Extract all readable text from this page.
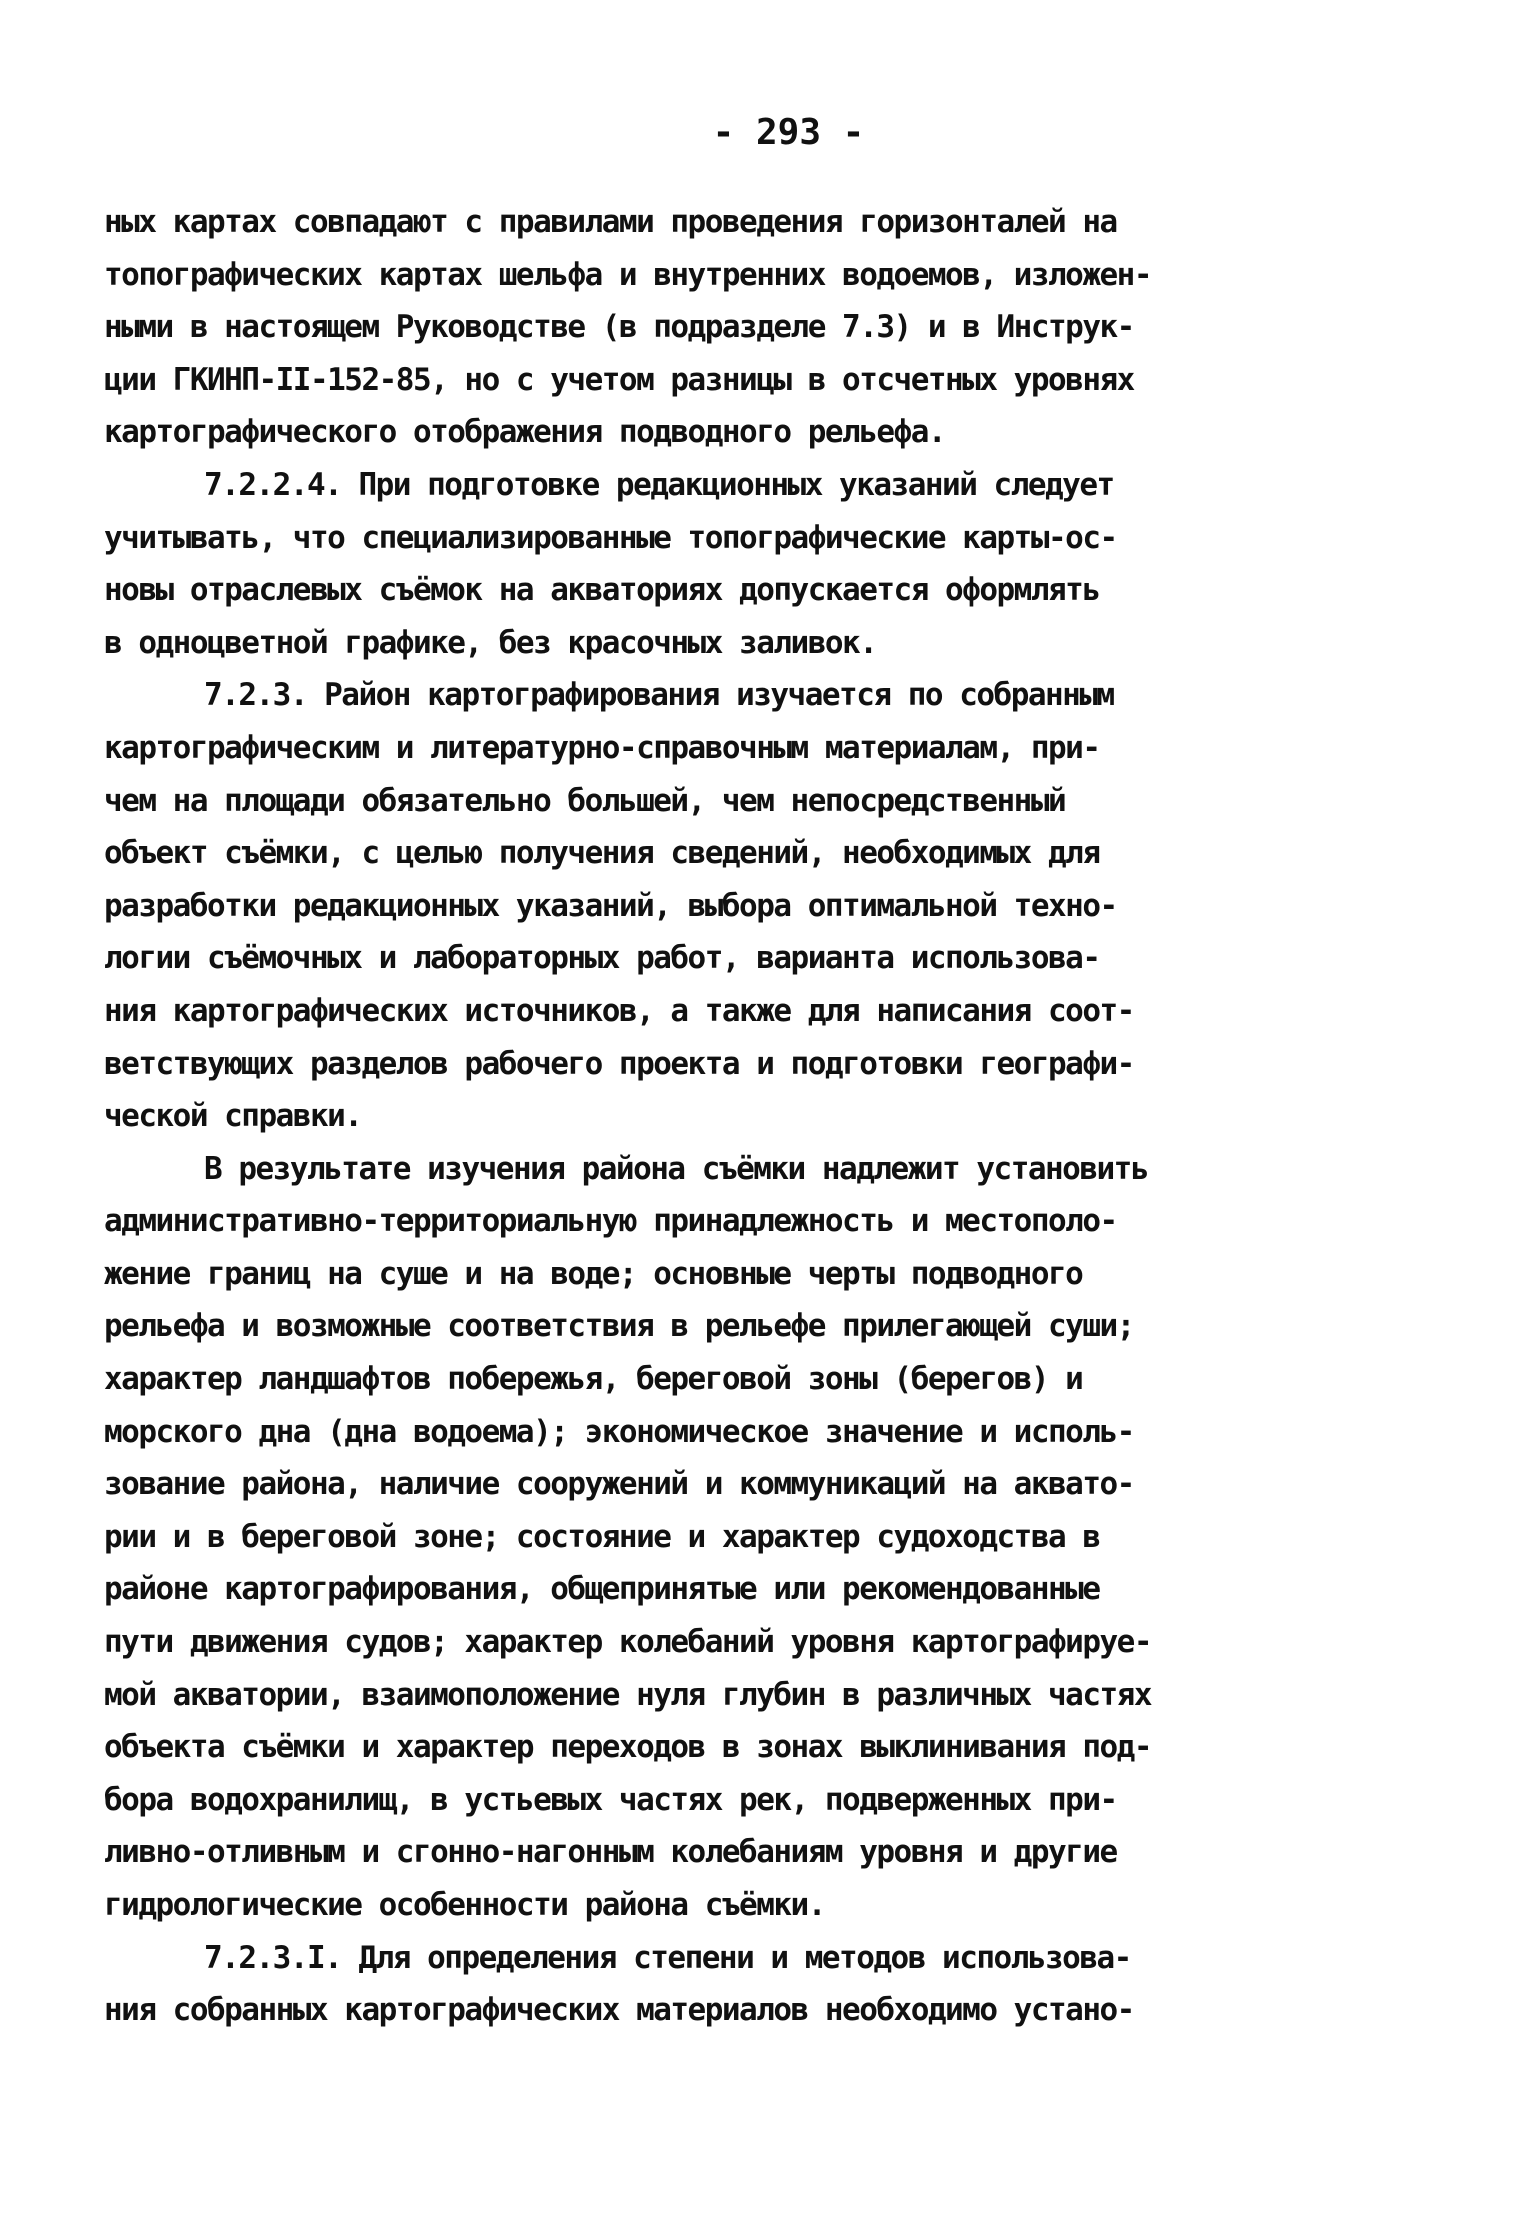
- 293 -
ных картах совпадают с правилами проведения горизонталей на
топографических картах шельфа и внутренних водоемов, изложен-
ными в настоящем Руководстве (в подразделе 7.3) и в Инструк-
ции ГКИНП-II-152-85, но с учетом разницы в отсчетных уровнях
картографического отображения подводного рельефа.
7.2.2.4. При подготовке редакционных указаний следует
учитывать, что специализированные топографические карты-ос-
новы отраслевых съёмок на акваториях допускается оформлять
в одноцветной графике, без красочных заливок.
7.2.3. Район картографирования изучается по собранным
картографическим и литературно-справочным материалам, при-
чем на площади обязательно большей, чем непосредственный
объект съёмки, с целью получения сведений, необходимых для
разработки редакционных указаний, выбора оптимальной техно-
логии съёмочных и лабораторных работ, варианта использова-
ния картографических источников, а также для написания соот-
ветствующих разделов рабочего проекта и подготовки географи-
ческой справки.
В результате изучения района съёмки надлежит установить
административно-территориальную принадлежность и местополо-
жение границ на суше и на воде; основные черты подводного
рельефа и возможные соответствия в рельефе прилегающей суши;
характер ландшафтов побережья, береговой зоны (берегов) и
морского дна (дна водоема); экономическое значение и исполь-
зование района, наличие сооружений и коммуникаций на аквато-
рии и в береговой зоне; состояние и характер судоходства в
районе картографирования, общепринятые или рекомендованные
пути движения судов; характер колебаний уровня картографируе-
мой акватории, взаимоположение нуля глубин в различных частях
объекта съёмки и характер переходов в зонах выклинивания под-
бора водохранилищ, в устьевых частях рек, подверженных при-
ливно-отливным и сгонно-нагонным колебаниям уровня и другие
гидрологические особенности района съёмки.
7.2.3.I. Для определения степени и методов использова-
ния собранных картографических материалов необходимо устано-
